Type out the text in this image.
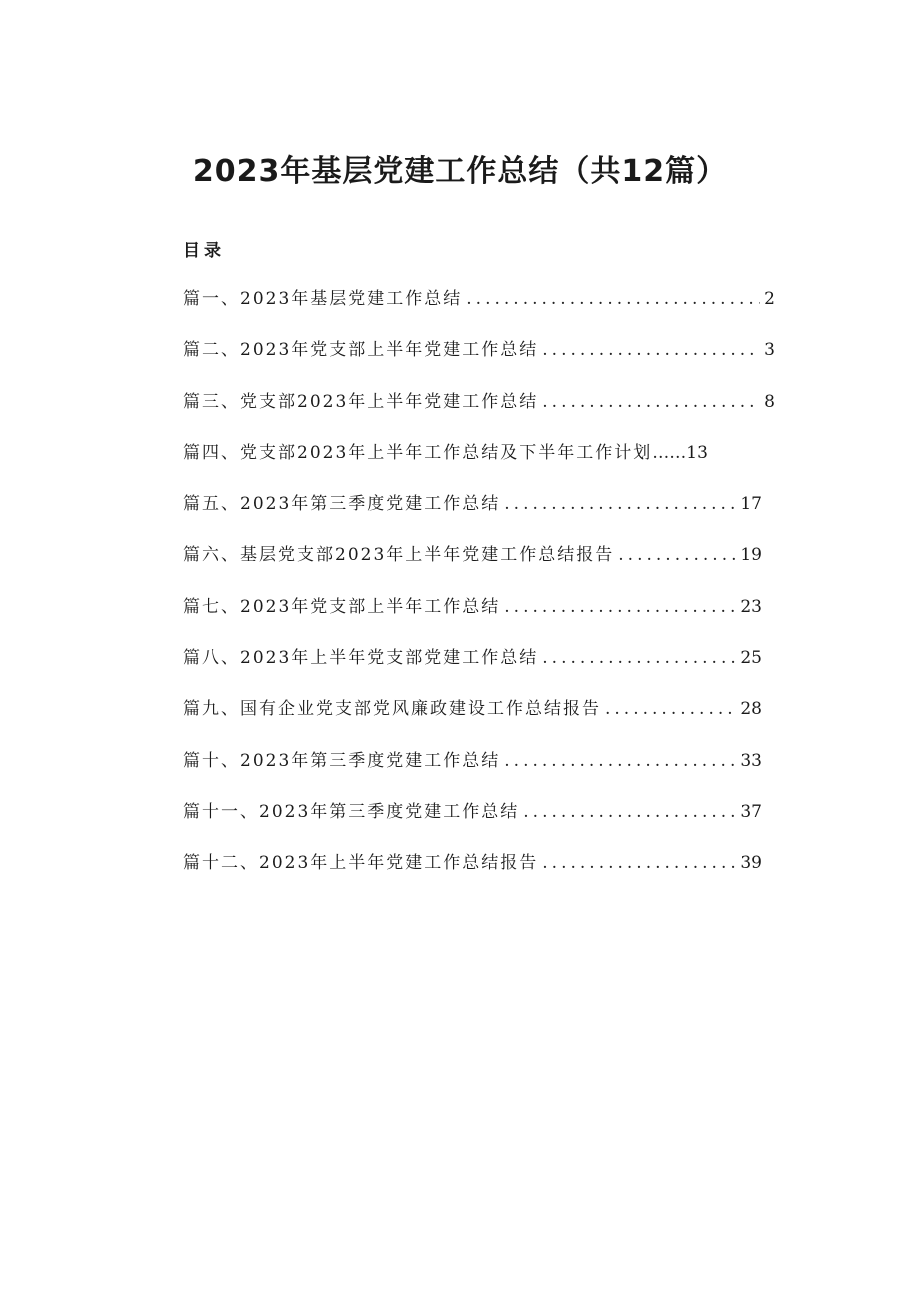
2023年基层党建工作总结（共12篇）
目录
篇一、2023年基层党建工作总结 .....	2
篇二、2023年党支部上半年党建工作总结 .....	3
篇三、党支部2023年上半年党建工作总结 .....	8
篇四、党支部2023年上半年工作总结及下半年工作计划 …… 13
篇五、2023年第三季度党建工作总结 .....	17
篇六、基层党支部2023年上半年党建工作总结报告 .....	19
篇七、2023年党支部上半年工作总结 .....	23
篇八、2023年上半年党支部党建工作总结 .....	25
篇九、国有企业党支部党风廉政建设工作总结报告 .....	28
篇十、2023年第三季度党建工作总结 .....	33
篇十一、2023年第三季度党建工作总结 .....	37
篇十二、2023年上半年党建工作总结报告 .....	39
